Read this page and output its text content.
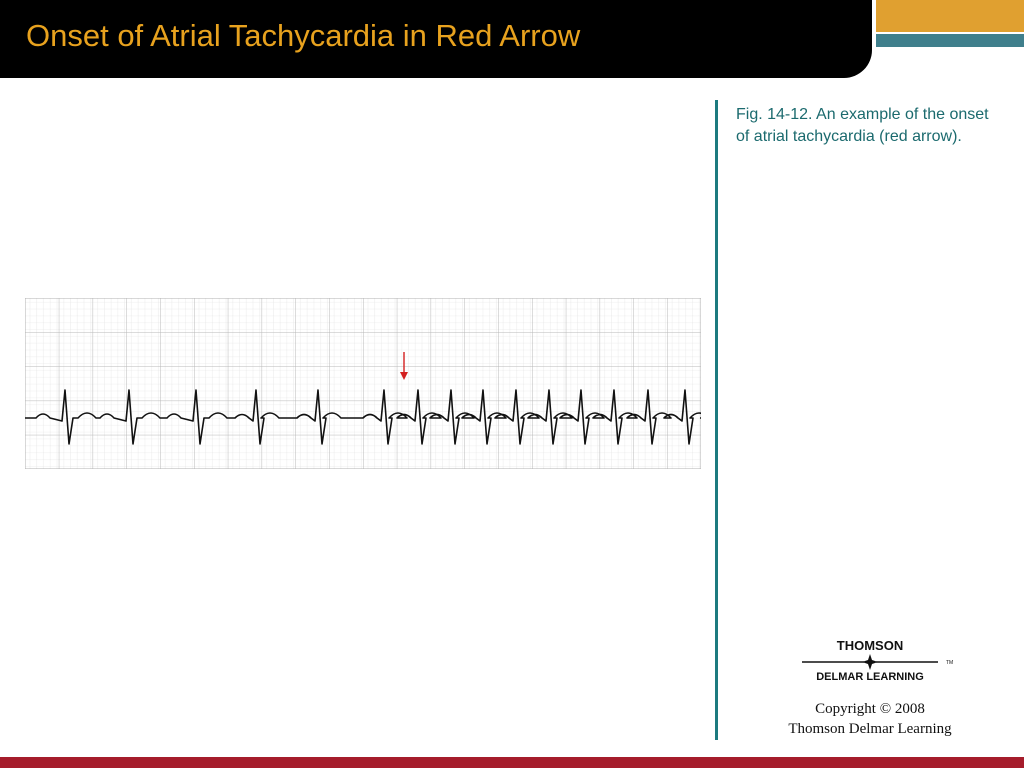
Onset of Atrial Tachycardia in Red Arrow

Fig. 14-12. An example of the onset of atrial tachycardia (red arrow).

THOMSON
TM
DELMAR LEARNING
Copyright © 2008
Thomson Delmar Learning
